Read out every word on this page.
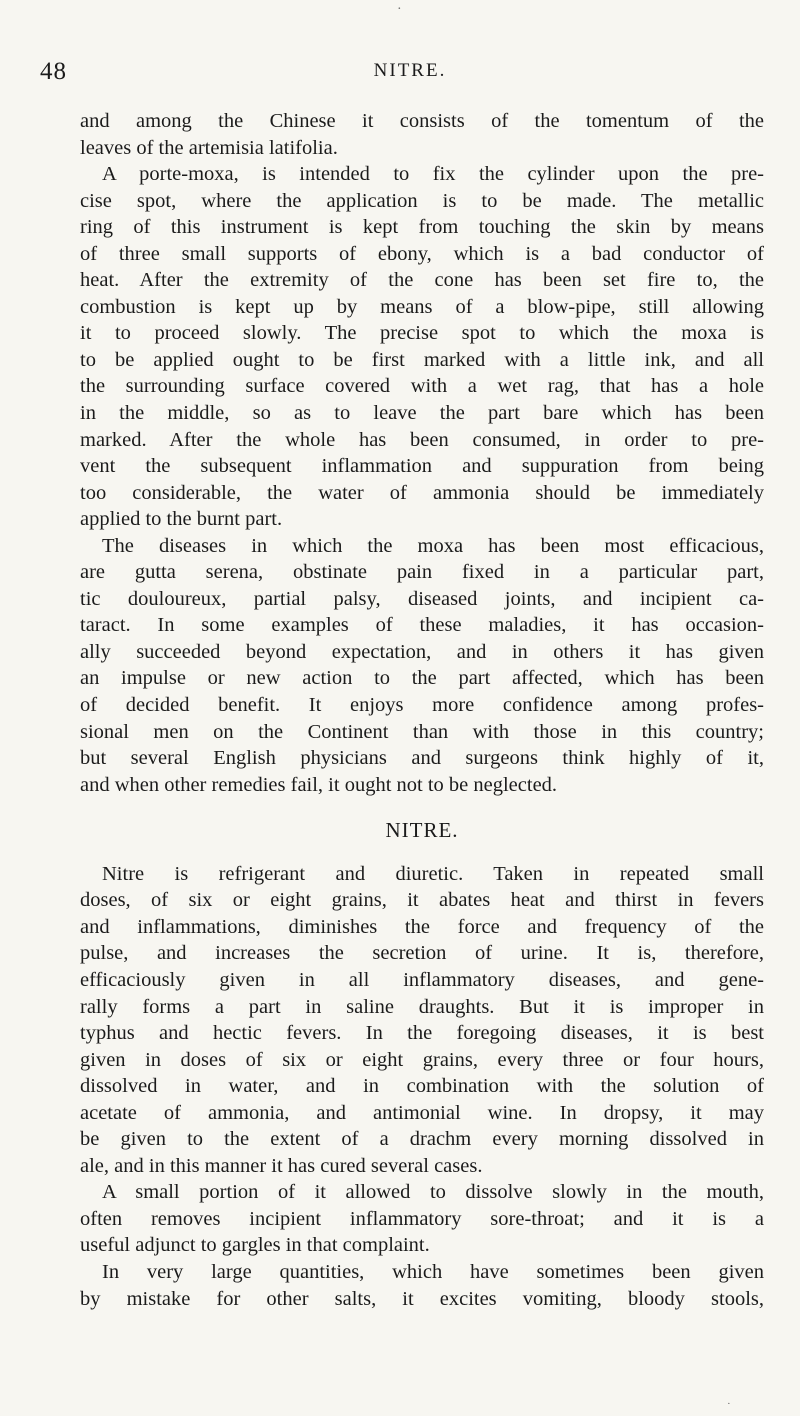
48	NITRE.
and among the Chinese it consists of the tomentum of the
leaves of the artemisia latifolia.
A porte-moxa, is intended to fix the cylinder upon the pre-
cise spot, where the application is to be made. The metallic
ring of this instrument is kept from touching the skin by means
of three small supports of ebony, which is a bad conductor of
heat. After the extremity of the cone has been set fire to, the
combustion is kept up by means of a blow-pipe, still allowing
it to proceed slowly. The precise spot to which the moxa is
to be applied ought to be first marked with a little ink, and all
the surrounding surface covered with a wet rag, that has a hole
in the middle, so as to leave the part bare which has been
marked. After the whole has been consumed, in order to pre-
vent the subsequent inflammation and suppuration from being
too considerable, the water of ammonia should be immediately
applied to the burnt part.
The diseases in which the moxa has been most efficacious,
are gutta serena, obstinate pain fixed in a particular part,
tic douloureux, partial palsy, diseased joints, and incipient ca-
taract. In some examples of these maladies, it has occasion-
ally succeeded beyond expectation, and in others it has given
an impulse or new action to the part affected, which has been
of decided benefit. It enjoys more confidence among profes-
sional men on the Continent than with those in this country;
but several English physicians and surgeons think highly of it,
and when other remedies fail, it ought not to be neglected.
NITRE.
Nitre is refrigerant and diuretic. Taken in repeated small
doses, of six or eight grains, it abates heat and thirst in fevers
and inflammations, diminishes the force and frequency of the
pulse, and increases the secretion of urine. It is, therefore,
efficaciously given in all inflammatory diseases, and gene-
rally forms a part in saline draughts. But it is improper in
typhus and hectic fevers. In the foregoing diseases, it is best
given in doses of six or eight grains, every three or four hours,
dissolved in water, and in combination with the solution of
acetate of ammonia, and antimonial wine. In dropsy, it may
be given to the extent of a drachm every morning dissolved in
ale, and in this manner it has cured several cases.
A small portion of it allowed to dissolve slowly in the mouth,
often removes incipient inflammatory sore-throat; and it is a
useful adjunct to gargles in that complaint.
In very large quantities, which have sometimes been given
by mistake for other salts, it excites vomiting, bloody stools,
·
·
